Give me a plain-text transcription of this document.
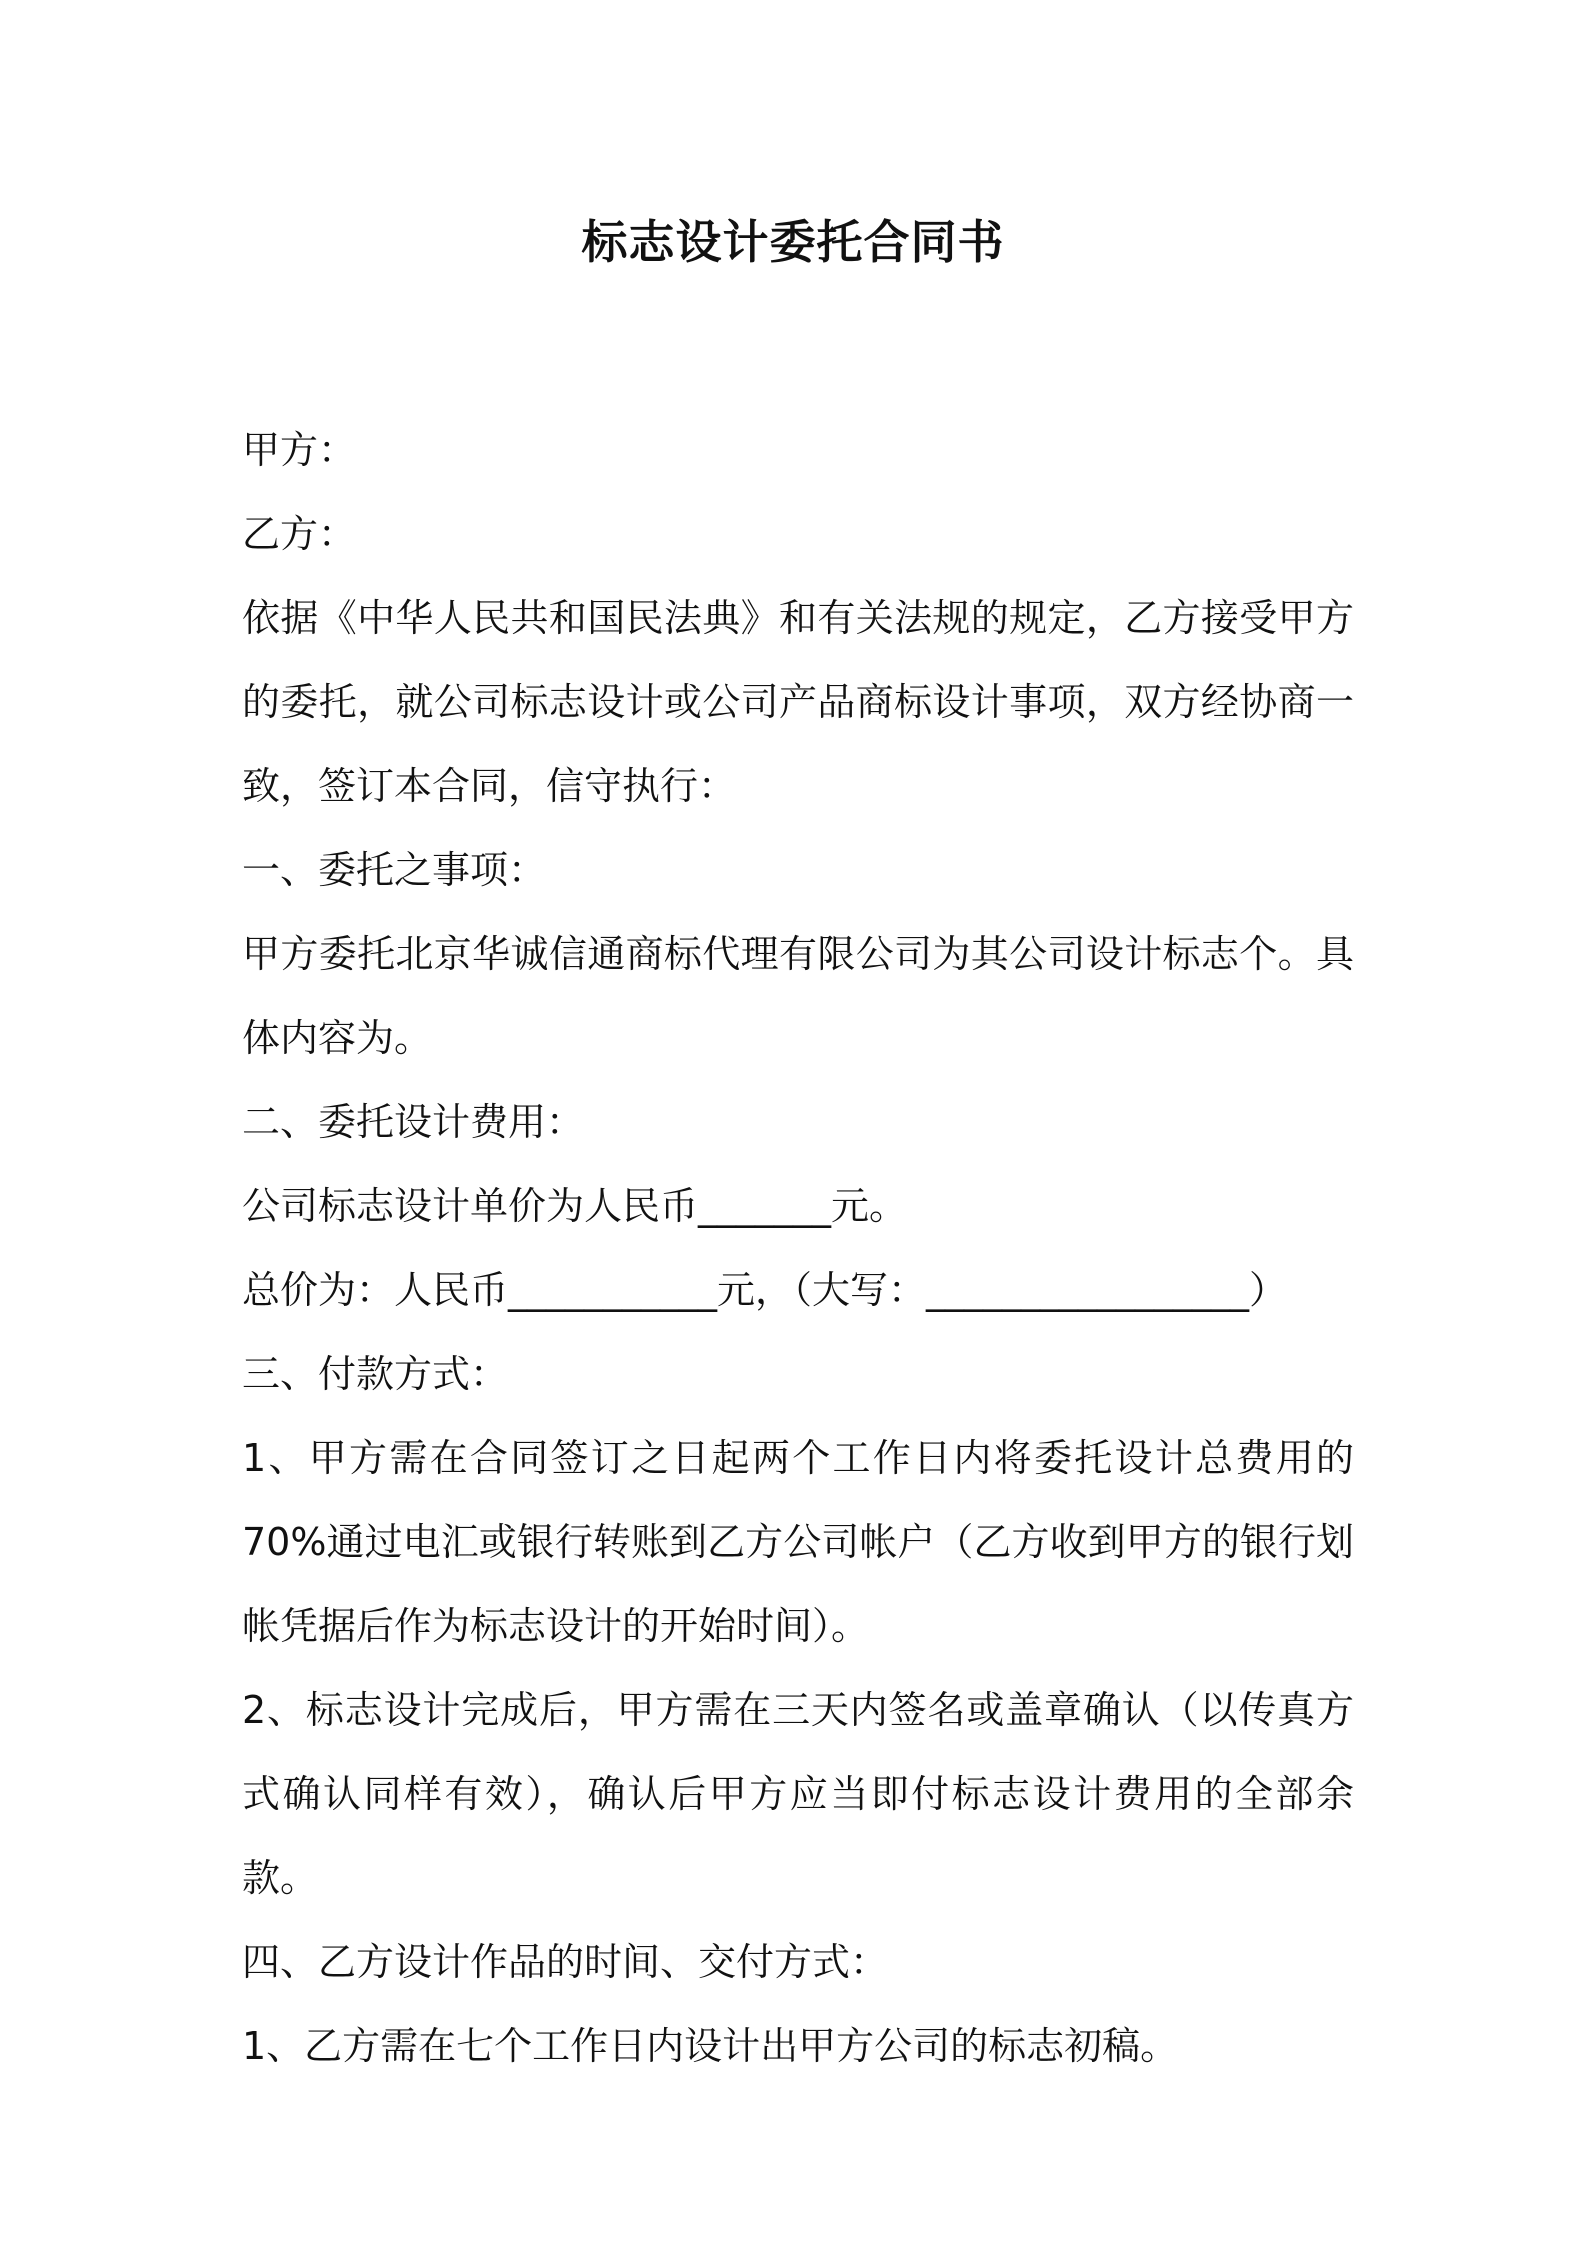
标志设计委托合同书

甲方：

乙方：

依据《中华人民共和国民法典》和有关法规的规定，乙方接受甲方的委托，就公司标志设计或公司产品商标设计事项，双方经协商一致，签订本合同，信守执行：

一、委托之事项：

甲方委托北京华诚信通商标代理有限公司为其公司设计标志个。具体内容为。

二、委托设计费用：

公司标志设计单价为人民币_______元。

总价为：人民币___________元，（大写：_________________）

三、付款方式：

1、甲方需在合同签订之日起两个工作日内将委托设计总费用的 70%通过电汇或银行转账到乙方公司帐户（乙方收到甲方的银行划帐凭据后作为标志设计的开始时间）。

2、标志设计完成后，甲方需在三天内签名或盖章确认（以传真方式确认同样有效），确认后甲方应当即付标志设计费用的全部余款。

四、乙方设计作品的时间、交付方式：

1、乙方需在七个工作日内设计出甲方公司的标志初稿。
